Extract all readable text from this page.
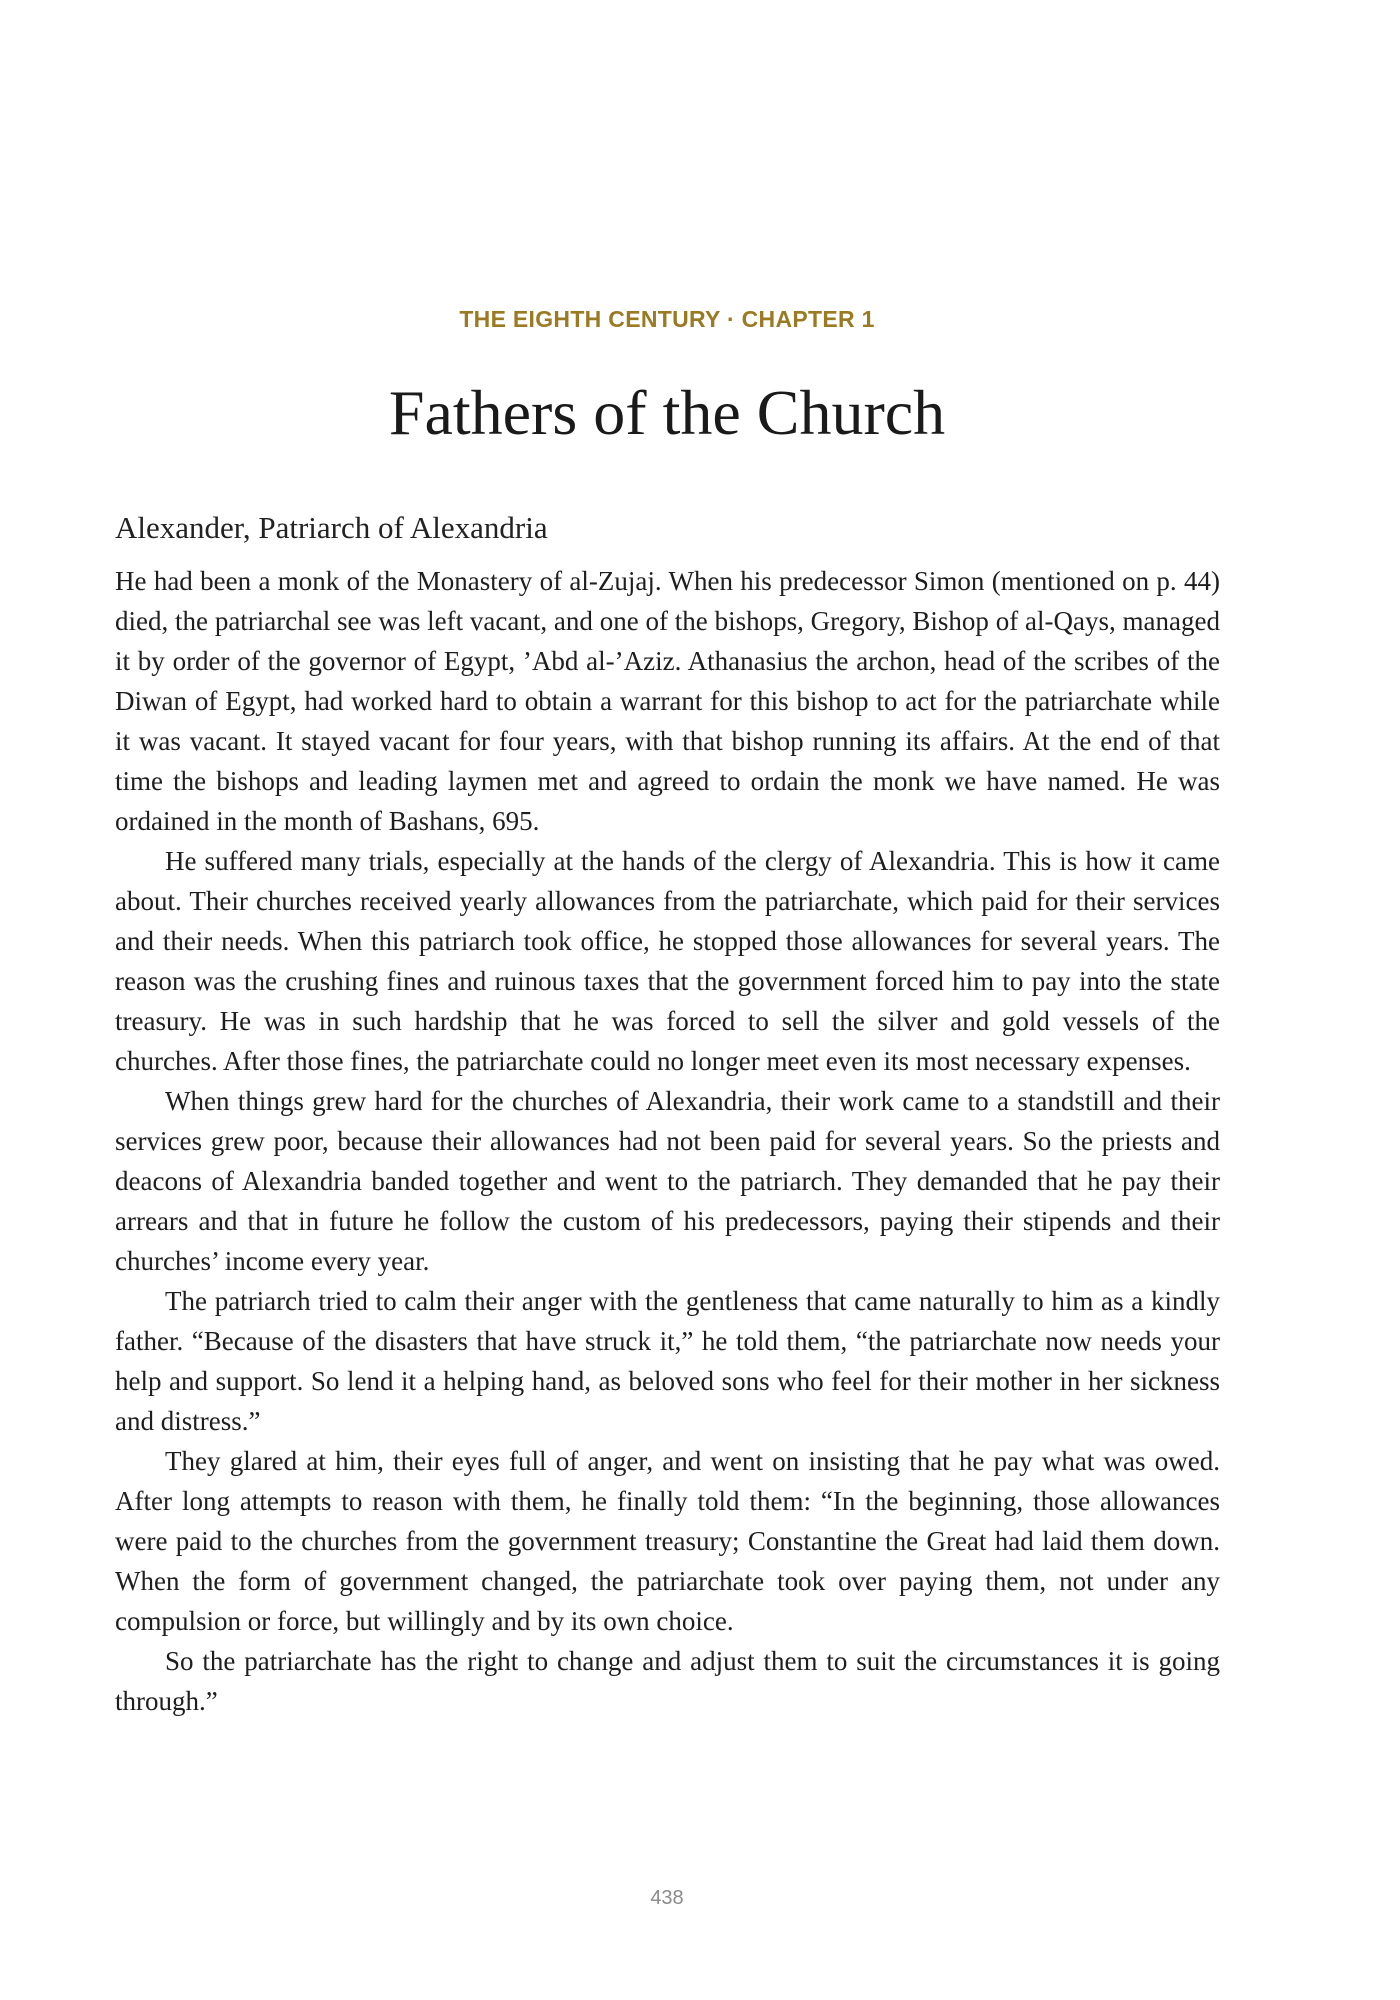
THE EIGHTH CENTURY · CHAPTER 1
Fathers of the Church
Alexander, Patriarch of Alexandria

He had been a monk of the Monastery of al-Zujaj. When his predecessor Simon (mentioned on p. 44) died, the patriarchal see was left vacant, and one of the bishops, Gregory, Bishop of al-Qays, managed it by order of the governor of Egypt, ’Abd al-’Aziz. Athanasius the archon, head of the scribes of the Diwan of Egypt, had worked hard to obtain a warrant for this bishop to act for the patriarchate while it was vacant. It stayed vacant for four years, with that bishop running its affairs. At the end of that time the bishops and leading laymen met and agreed to ordain the monk we have named. He was ordained in the month of Bashans, 695.

He suffered many trials, especially at the hands of the clergy of Alexandria. This is how it came about. Their churches received yearly allowances from the patriarchate, which paid for their services and their needs. When this patriarch took office, he stopped those allowances for several years. The reason was the crushing fines and ruinous taxes that the government forced him to pay into the state treasury. He was in such hardship that he was forced to sell the silver and gold vessels of the churches. After those fines, the patriarchate could no longer meet even its most necessary expenses.

When things grew hard for the churches of Alexandria, their work came to a standstill and their services grew poor, because their allowances had not been paid for several years. So the priests and deacons of Alexandria banded together and went to the patriarch. They demanded that he pay their arrears and that in future he follow the custom of his predecessors, paying their stipends and their churches’ income every year.

The patriarch tried to calm their anger with the gentleness that came naturally to him as a kindly father. “Because of the disasters that have struck it,” he told them, “the patriarchate now needs your help and support. So lend it a helping hand, as beloved sons who feel for their mother in her sickness and distress.”

They glared at him, their eyes full of anger, and went on insisting that he pay what was owed. After long attempts to reason with them, he finally told them: “In the beginning, those allowances were paid to the churches from the government treasury; Constantine the Great had laid them down. When the form of government changed, the patriarchate took over paying them, not under any compulsion or force, but willingly and by its own choice.

So the patriarchate has the right to change and adjust them to suit the circumstances it is going through.”

438
